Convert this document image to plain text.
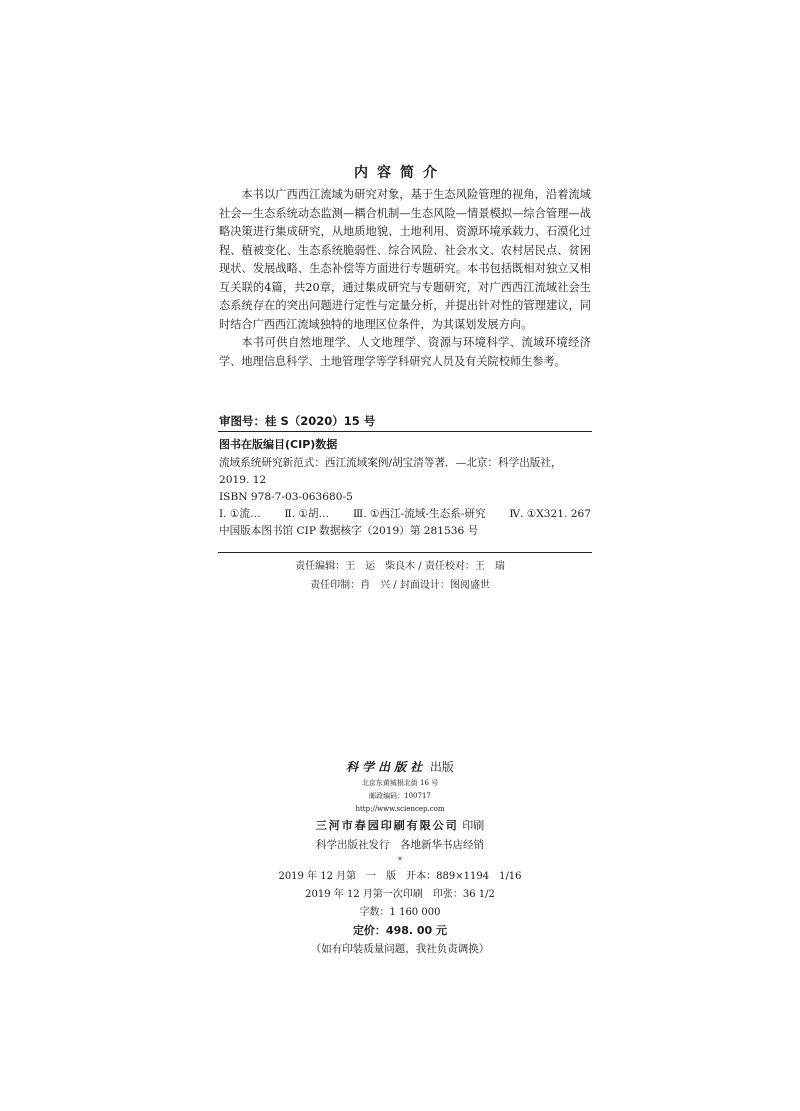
内容简介

本书以广西西江流域为研究对象，基于生态风险管理的视角，沿着流域社会—生态系统动态监测—耦合机制—生态风险—情景模拟—综合管理—战略决策进行集成研究，从地质地貌、土地利用、资源环境承载力、石漠化过程、植被变化、生态系统脆弱性、综合风险、社会水文、农村居民点、贫困现状、发展战略、生态补偿等方面进行专题研究。本书包括既相对独立又相互关联的4篇，共20章，通过集成研究与专题研究，对广西西江流域社会生态系统存在的突出问题进行定性与定量分析，并提出针对性的管理建议，同时结合广西西江流域独特的地理区位条件，为其谋划发展方向。

本书可供自然地理学、人文地理学、资源与环境科学、流域环境经济学、地理信息科学、土地管理学等学科研究人员及有关院校师生参考。

审图号：桂 S（2020）15 号
图书在版编目(CIP)数据
流域系统研究新范式：西江流域案例/胡宝清等著．—北京：科学出版社，2019. 12
ISBN 978-7-03-063680-5
Ⅰ. ①流… Ⅱ. ①胡… Ⅲ. ①西江-流域-生态系-研究 Ⅳ. ①X321. 267
中国版本图书馆 CIP 数据核字（2019）第 281536 号
责任编辑：王　运　柴良木 / 责任校对：王　瑞
责任印制：肖　兴 / 封面设计：图阅盛世
科学出版社 出版
北京东黄城根北街 16 号
邮政编码：100717
http://www.sciencep.com
三河市春园印刷有限公司 印刷
科学出版社发行　各地新华书店经销
*
2019 年 12 月第　一　版　开本：889×1194　1/16
2019 年 12 月第一次印刷　印张：36 1/2
字数：1 160 000
定价：498. 00 元
（如有印装质量问题，我社负责调换）
